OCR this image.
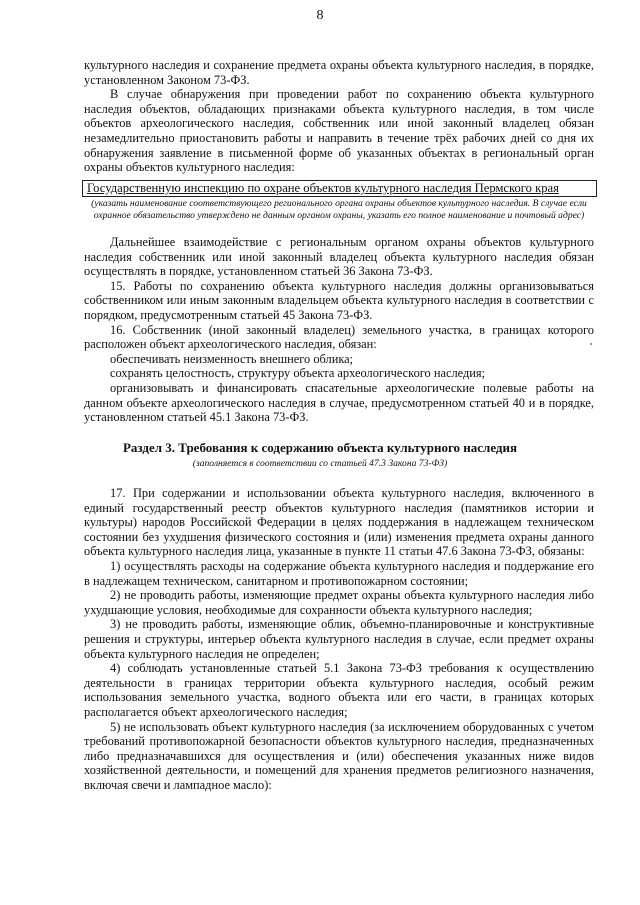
8

культурного наследия и сохранение предмета охраны объекта культурного наследия, в порядке, установленном Законом 73-ФЗ.

В случае обнаружения при проведении работ по сохранению объекта культурного наследия объектов, обладающих признаками объекта культурного наследия, в том числе объектов археологического наследия, собственник или иной законный владелец обязан незамедлительно приостановить работы и направить в течение трёх рабочих дней со дня их обнаружения заявление в письменной форме об указанных объектах в региональный орган охраны объектов культурного наследия:

Государственную инспекцию по охране объектов культурного наследия Пермского края
(указать наименование соответствующего регионального органа охраны объектов культурного наследия. В случае если охранное обязательство утверждено не данным органом охраны, указать его полное наименование и почтовый адрес)

Дальнейшее взаимодействие с региональным органом охраны объектов культурного наследия собственник или иной законный владелец объекта культурного наследия обязан осуществлять в порядке, установленном статьей 36 Закона 73-ФЗ.

15. Работы по сохранению объекта культурного наследия должны организовываться собственником или иным законным владельцем объекта культурного наследия в соответствии с порядком, предусмотренным статьей 45 Закона 73-ФЗ.

16. Собственник (иной законный владелец) земельного участка, в границах которого расположен объект археологического наследия, обязан:

обеспечивать неизменность внешнего облика;

сохранять целостность, структуру объекта археологического наследия;

организовывать и финансировать спасательные археологические полевые работы на данном объекте археологического наследия в случае, предусмотренном статьей 40 и в порядке, установленном статьей 45.1 Закона 73-ФЗ.

Раздел 3. Требования к содержанию объекта культурного наследия
(заполняется в соответствии со статьей 47.3 Закона 73-ФЗ)

17. При содержании и использовании объекта культурного наследия, включенного в единый государственный реестр объектов культурного наследия (памятников истории и культуры) народов Российской Федерации в целях поддержания в надлежащем техническом состоянии без ухудшения физического состояния и (или) изменения предмета охраны данного объекта культурного наследия лица, указанные в пункте 11 статьи 47.6 Закона 73-ФЗ, обязаны:

1) осуществлять расходы на содержание объекта культурного наследия и поддержание его в надлежащем техническом, санитарном и противопожарном состоянии;

2) не проводить работы, изменяющие предмет охраны объекта культурного наследия либо ухудшающие условия, необходимые для сохранности объекта культурного наследия;

3) не проводить работы, изменяющие облик, объемно-планировочные и конструктивные решения и структуры, интерьер объекта культурного наследия в случае, если предмет охраны объекта культурного наследия не определен;

4) соблюдать установленные статьей 5.1 Закона 73-ФЗ требования к осуществлению деятельности в границах территории объекта культурного наследия, особый режим использования земельного участка, водного объекта или его части, в границах которых располагается объект археологического наследия;

5) не использовать объект культурного наследия (за исключением оборудованных с учетом требований противопожарной безопасности объектов культурного наследия, предназначенных либо предназначавшихся для осуществления и (или) обеспечения указанных ниже видов хозяйственной деятельности, и помещений для хранения предметов религиозного назначения, включая свечи и лампадное масло):
